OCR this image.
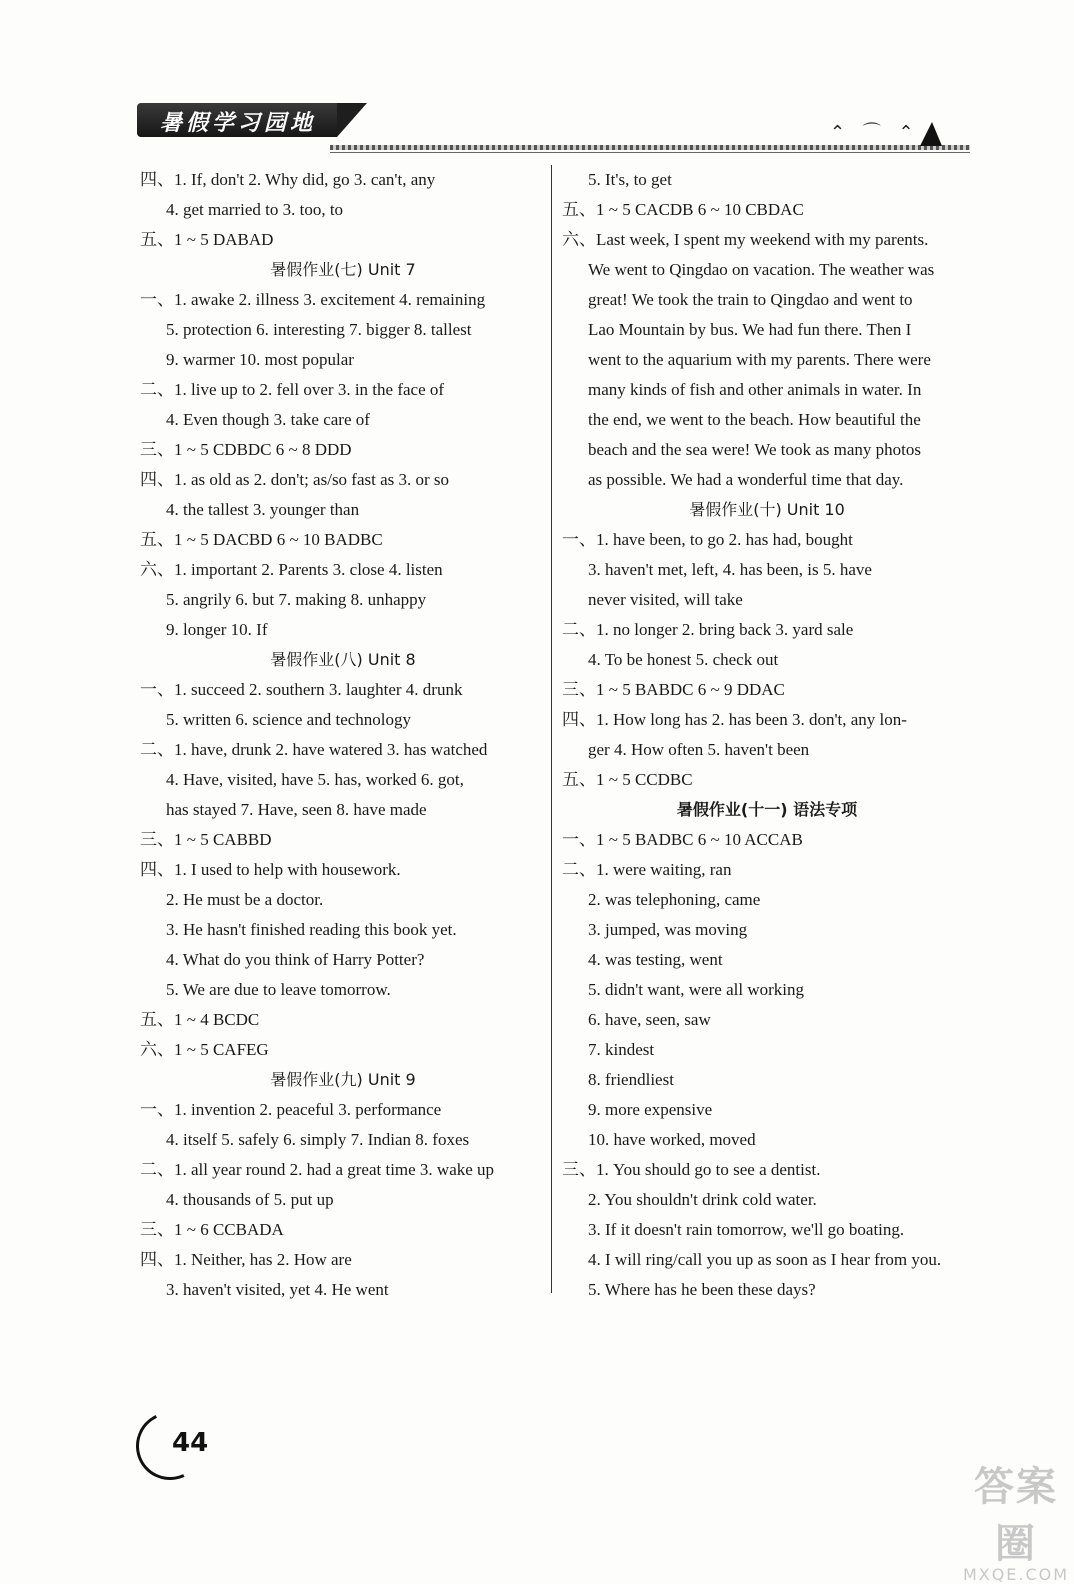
暑假学习园地	⌃ ⌒ ⌃
四、1. If, don't 2. Why did, go 3. can't, any
4. get married to 3. too, to
五、1 ~ 5 DABAD
暑假作业(七) Unit 7
一、1. awake 2. illness 3. excitement 4. remaining
5. protection 6. interesting 7. bigger 8. tallest
9. warmer 10. most popular
二、1. live up to 2. fell over 3. in the face of
4. Even though 3. take care of
三、1 ~ 5 CDBDC 6 ~ 8 DDD
四、1. as old as 2. don't; as/so fast as 3. or so
4. the tallest 3. younger than
五、1 ~ 5 DACBD 6 ~ 10 BADBC
六、1. important 2. Parents 3. close 4. listen
5. angrily 6. but 7. making 8. unhappy
9. longer 10. If
暑假作业(八) Unit 8
一、1. succeed 2. southern 3. laughter 4. drunk
5. written 6. science and technology
二、1. have, drunk 2. have watered 3. has watched
4. Have, visited, have 5. has, worked 6. got,
has stayed 7. Have, seen 8. have made
三、1 ~ 5 CABBD
四、1. I used to help with housework.
2. He must be a doctor.
3. He hasn't finished reading this book yet.
4. What do you think of Harry Potter?
5. We are due to leave tomorrow.
五、1 ~ 4 BCDC
六、1 ~ 5 CAFEG
暑假作业(九) Unit 9
一、1. invention 2. peaceful 3. performance
4. itself 5. safely 6. simply 7. Indian 8. foxes
二、1. all year round 2. had a great time 3. wake up
4. thousands of 5. put up
三、1 ~ 6 CCBADA
四、1. Neither, has 2. How are
3. haven't visited, yet 4. He went
5. It's, to get
五、1 ~ 5 CACDB 6 ~ 10 CBDAC
六、Last week, I spent my weekend with my parents.
We went to Qingdao on vacation. The weather was
great! We took the train to Qingdao and went to
Lao Mountain by bus. We had fun there. Then I
went to the aquarium with my parents. There were
many kinds of fish and other animals in water. In
the end, we went to the beach. How beautiful the
beach and the sea were! We took as many photos
as possible. We had a wonderful time that day.
暑假作业(十) Unit 10
一、1. have been, to go 2. has had, bought
3. haven't met, left, 4. has been, is 5. have
never visited, will take
二、1. no longer 2. bring back 3. yard sale
4. To be honest 5. check out
三、1 ~ 5 BABDC 6 ~ 9 DDAC
四、1. How long has 2. has been 3. don't, any lon-
ger 4. How often 5. haven't been
五、1 ~ 5 CCDBC
暑假作业(十一) 语法专项
一、1 ~ 5 BADBC 6 ~ 10 ACCAB
二、1. were waiting, ran
2. was telephoning, came
3. jumped, was moving
4. was testing, went
5. didn't want, were all working
6. have, seen, saw
7. kindest
8. friendliest
9. more expensive
10. have worked, moved
三、1. You should go to see a dentist.
2. You shouldn't drink cold water.
3. If it doesn't rain tomorrow, we'll go boating.
4. I will ring/call you up as soon as I hear from you.
5. Where has he been these days?
44
答案圈
MXQE.COM
